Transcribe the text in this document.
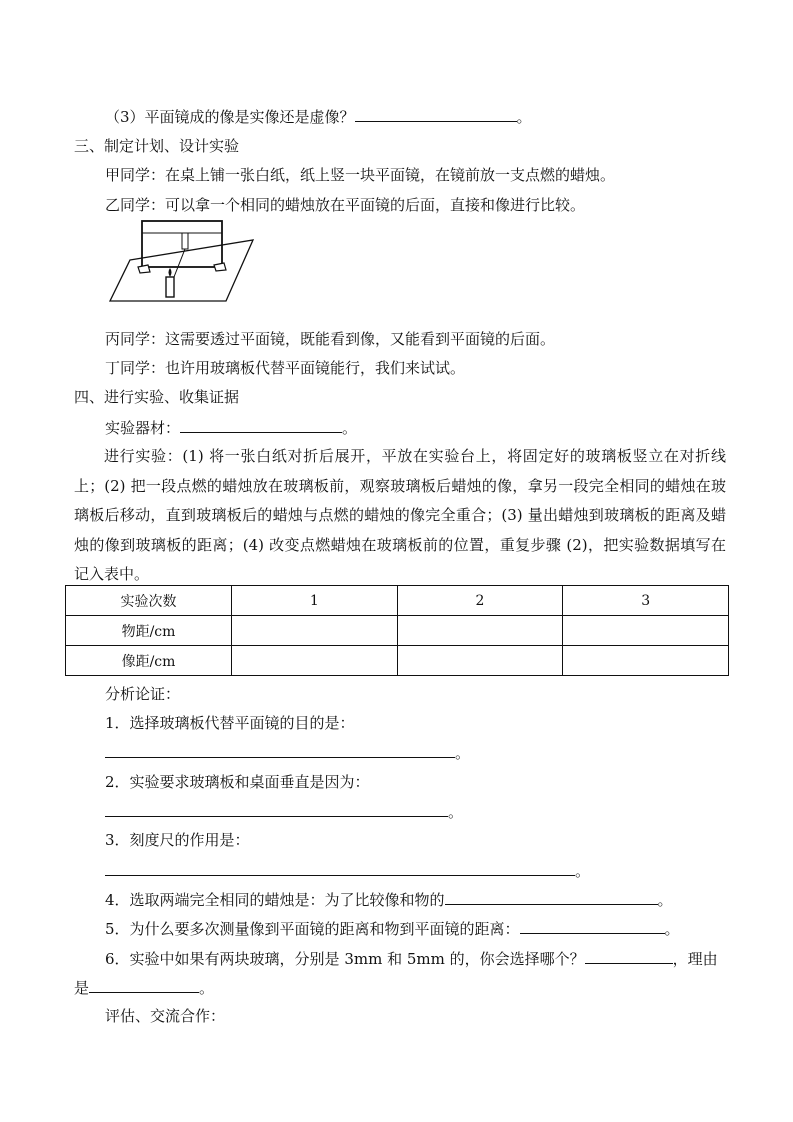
（3）平面镜成的像是实像还是虚像？	。
三、制定计划、设计实验
甲同学：在桌上铺一张白纸，纸上竖一块平面镜，在镜前放一支点燃的蜡烛。
乙同学：可以拿一个相同的蜡烛放在平面镜的后面，直接和像进行比较。
丙同学：这需要透过平面镜，既能看到像，又能看到平面镜的后面。
丁同学：也许用玻璃板代替平面镜能行，我们来试试。
四、进行实验、收集证据
实验器材：	。
进行实验：(1) 将一张白纸对折后展开，平放在实验台上，将固定好的玻璃板竖立在对折线上；(2) 把一段点燃的蜡烛放在玻璃板前，观察玻璃板后蜡烛的像，拿另一段完全相同的蜡烛在玻璃板后移动，直到玻璃板后的蜡烛与点燃的蜡烛的像完全重合；(3) 量出蜡烛到玻璃板的距离及蜡烛的像到玻璃板的距离；(4) 改变点燃蜡烛在玻璃板前的位置，重复步骤 (2)，把实验数据填写在记入表中。
实验次数	1	2	3
物距/cm			
像距/cm			
分析论证：
1．选择玻璃板代替平面镜的目的是：
。
2．实验要求玻璃板和桌面垂直是因为：
。
3．刻度尺的作用是：
。
4．选取两端完全相同的蜡烛是：为了比较像和物的	。
5．为什么要多次测量像到平面镜的距离和物到平面镜的距离：	。
6．实验中如果有两块玻璃，分别是 3mm 和 5mm 的，你会选择哪个？	，理由
是	。
评估、交流合作：
